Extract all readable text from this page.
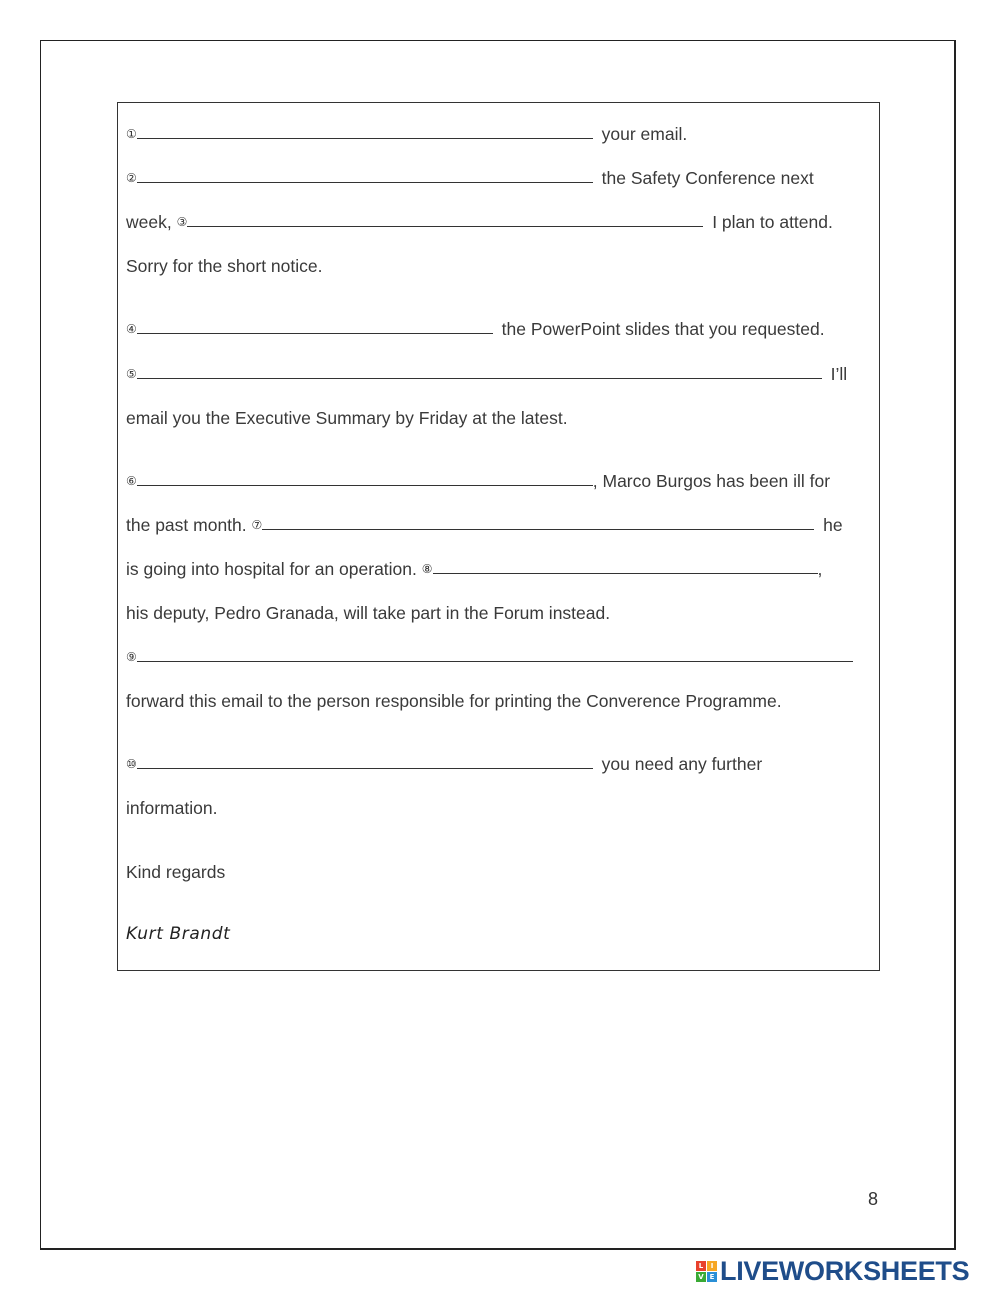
①	your email.
②	the Safety Conference next
week, ③	I plan to attend.
Sorry for the short notice.
④	the PowerPoint slides that you requested.
⑤	I’ll
email you the Executive Summary by Friday at the latest.
⑥	, Marco Burgos has been ill for
the past month. ⑦	he
is going into hospital for an operation. ⑧	,
his deputy, Pedro Granada, will take part in the Forum instead.
⑨
forward this email to the person responsible for printing the Converence Programme.
⑩	you need any further
information.
Kind regards
Kurt Brandt
8
L	I
V E LIVEWORKSHEETS
